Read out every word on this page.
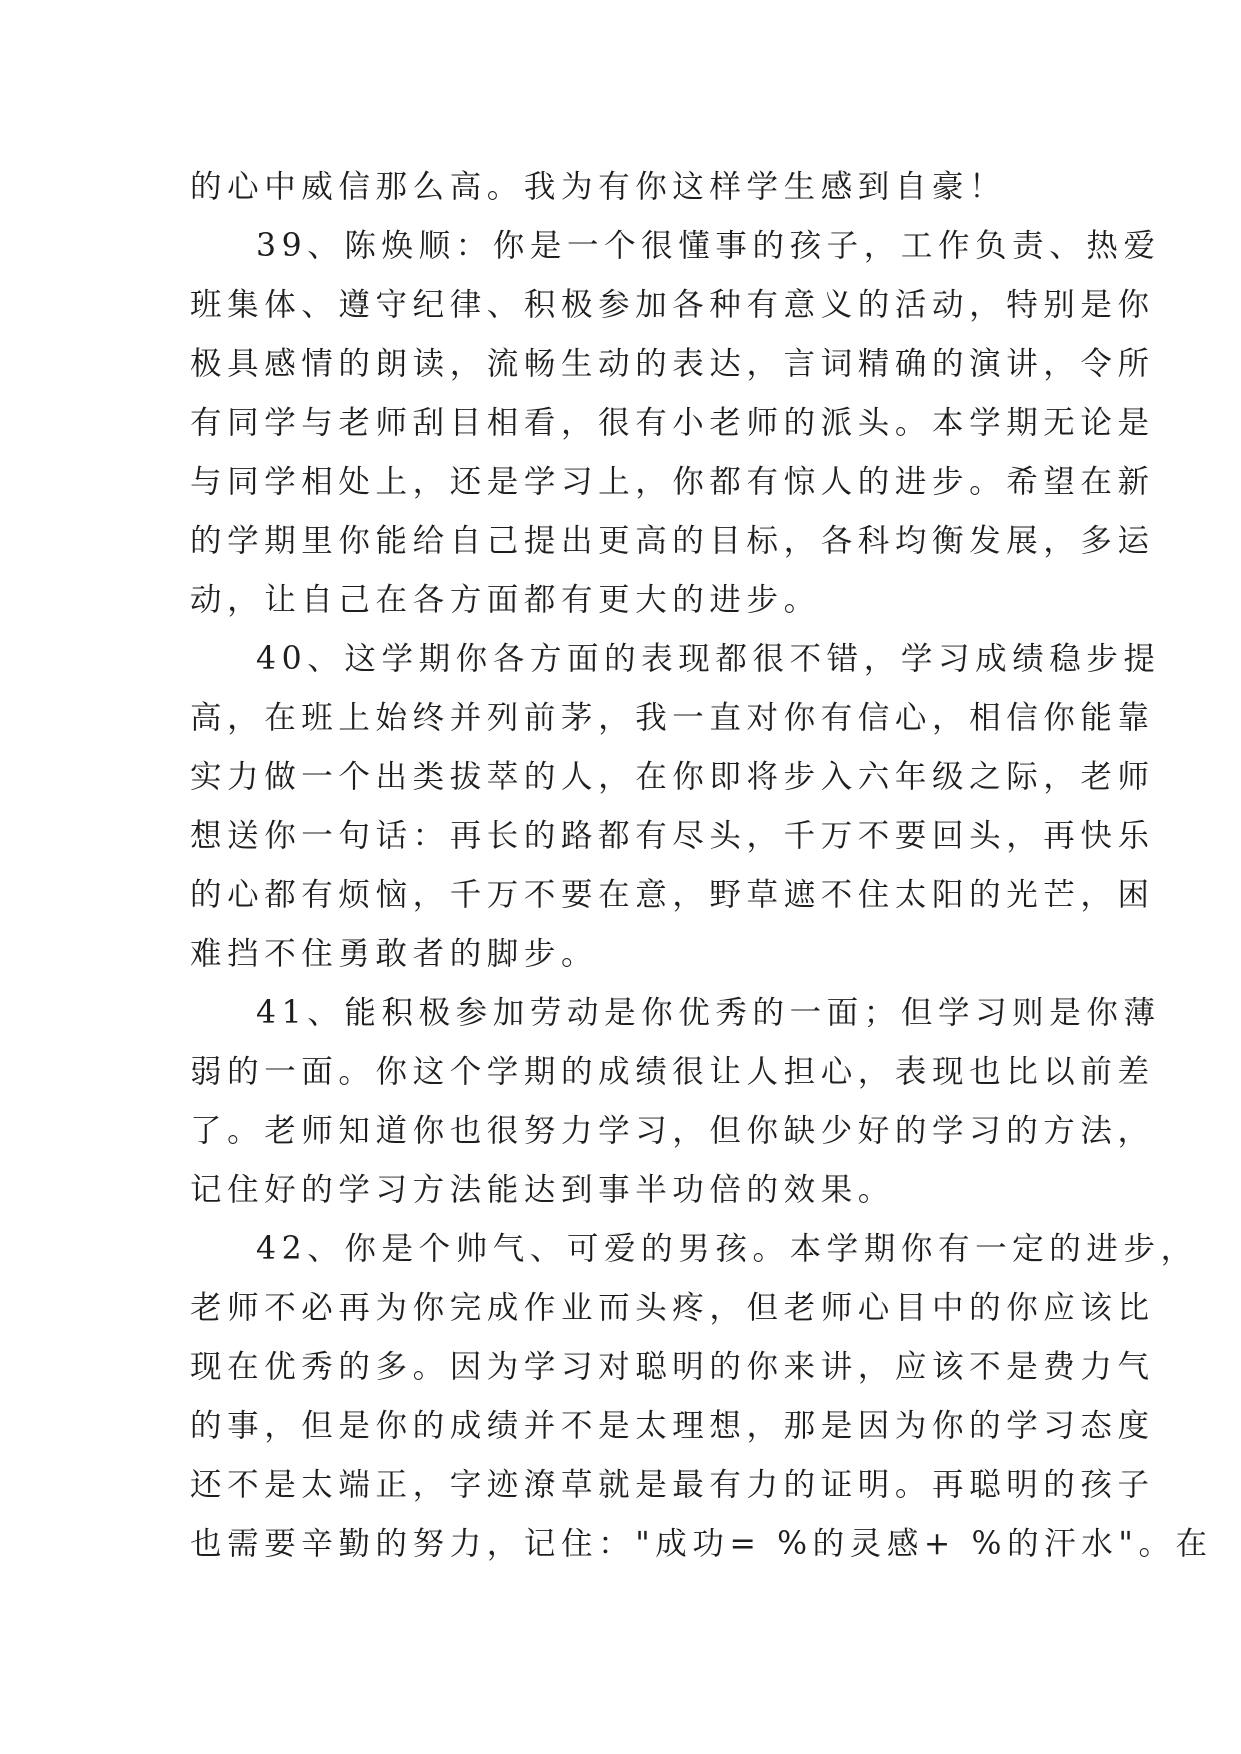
的心中威信那么高。我为有你这样学生感到自豪！
39、陈焕顺：你是一个很懂事的孩子，工作负责、热爱
班集体、遵守纪律、积极参加各种有意义的活动，特别是你
极具感情的朗读，流畅生动的表达，言词精确的演讲，令所
有同学与老师刮目相看，很有小老师的派头。本学期无论是
与同学相处上，还是学习上，你都有惊人的进步。希望在新
的学期里你能给自己提出更高的目标，各科均衡发展，多运
动，让自己在各方面都有更大的进步。
40、这学期你各方面的表现都很不错，学习成绩稳步提
高，在班上始终并列前茅，我一直对你有信心，相信你能靠
实力做一个出类拔萃的人，在你即将步入六年级之际，老师
想送你一句话：再长的路都有尽头，千万不要回头，再快乐
的心都有烦恼，千万不要在意，野草遮不住太阳的光芒，困
难挡不住勇敢者的脚步。
41、能积极参加劳动是你优秀的一面；但学习则是你薄
弱的一面。你这个学期的成绩很让人担心，表现也比以前差
了。老师知道你也很努力学习，但你缺少好的学习的方法，
记住好的学习方法能达到事半功倍的效果。
42、你是个帅气、可爱的男孩。本学期你有一定的进步，
老师不必再为你完成作业而头疼，但老师心目中的你应该比
现在优秀的多。因为学习对聪明的你来讲，应该不是费力气
的事，但是你的成绩并不是太理想，那是因为你的学习态度
还不是太端正，字迹潦草就是最有力的证明。再聪明的孩子
也需要辛勤的努力，记住："成功= %的灵感+ %的汗水"。在
